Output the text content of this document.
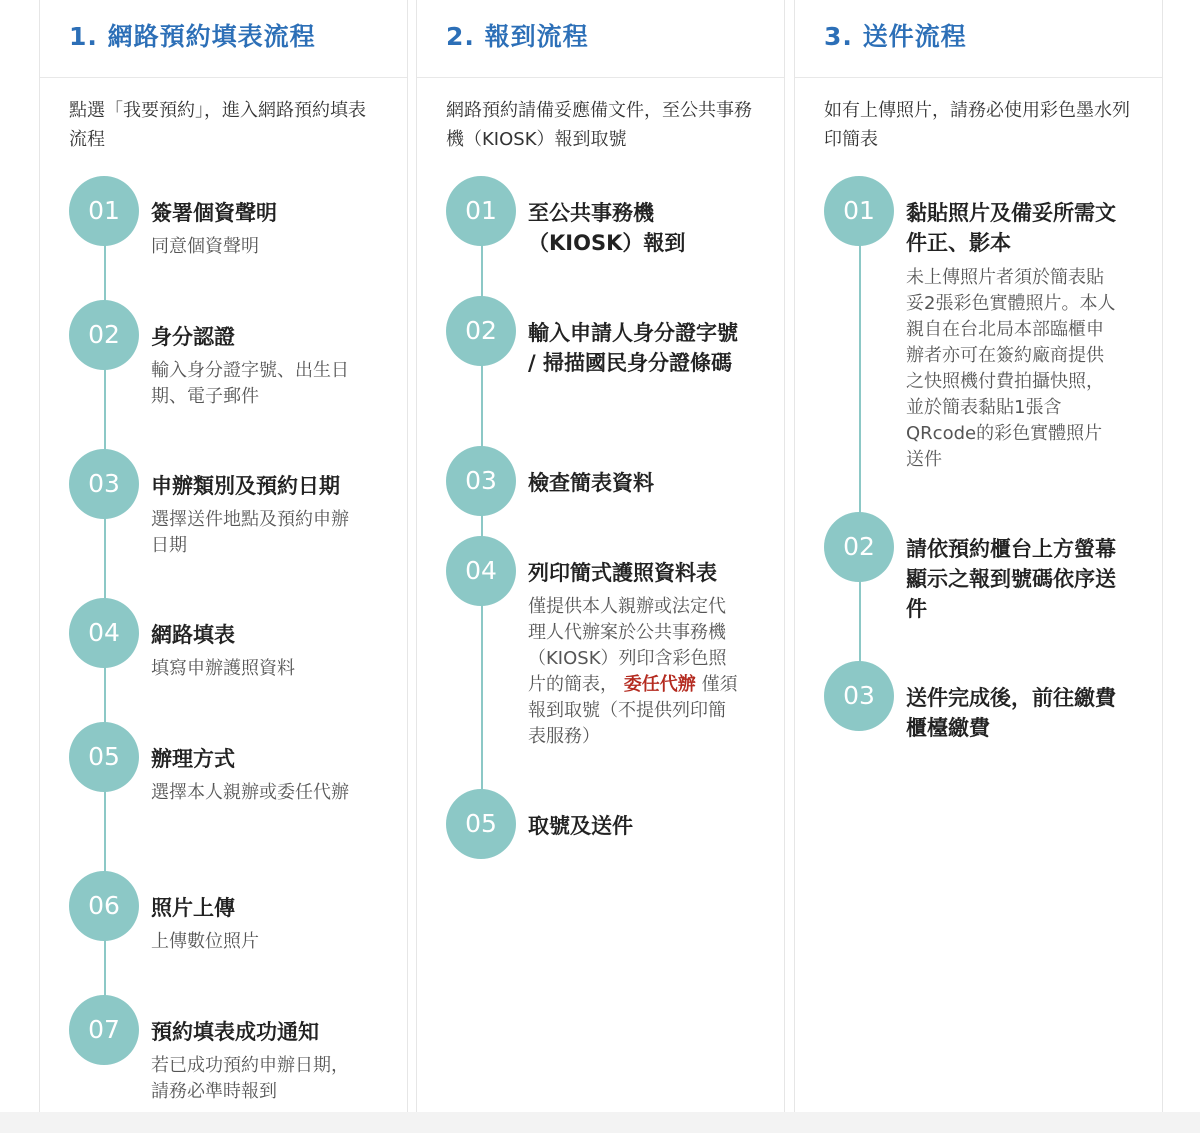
1. 網路預約填表流程

點選「我要預約」，進入網路預約填表流程

01	簽署個資聲明
同意個資聲明
02	身分認證
輸入身分證字號、出生日期、電子郵件
03	申辦類別及預約日期
選擇送件地點及預約申辦日期
04	網路填表
填寫申辦護照資料
05	辦理方式
選擇本人親辦或委任代辦
06	照片上傳
上傳數位照片
07	預約填表成功通知
若已成功預約申辦日期，請務必準時報到
2. 報到流程

網路預約請備妥應備文件，至公共事務機（KIOSK）報到取號

01	至公共事務機（KIOSK）報到
02	輸入申請人身分證字號 / 掃描國民身分證條碼
03	檢查簡表資料
04	列印簡式護照資料表
僅提供本人親辦或法定代理人代辦案於公共事務機（KIOSK）列印含彩色照片的簡表， 委任代辦 僅須報到取號（不提供列印簡表服務）
05	取號及送件
3. 送件流程

如有上傳照片，請務必使用彩色墨水列印簡表

01	黏貼照片及備妥所需文件正、影本
未上傳照片者須於簡表貼妥2張彩色實體照片。本人親自在台北局本部臨櫃申辦者亦可在簽約廠商提供之快照機付費拍攝快照，並於簡表黏貼1張含QRcode的彩色實體照片送件
02	請依預約櫃台上方螢幕顯示之報到號碼依序送件
03	送件完成後，前往繳費櫃檯繳費
